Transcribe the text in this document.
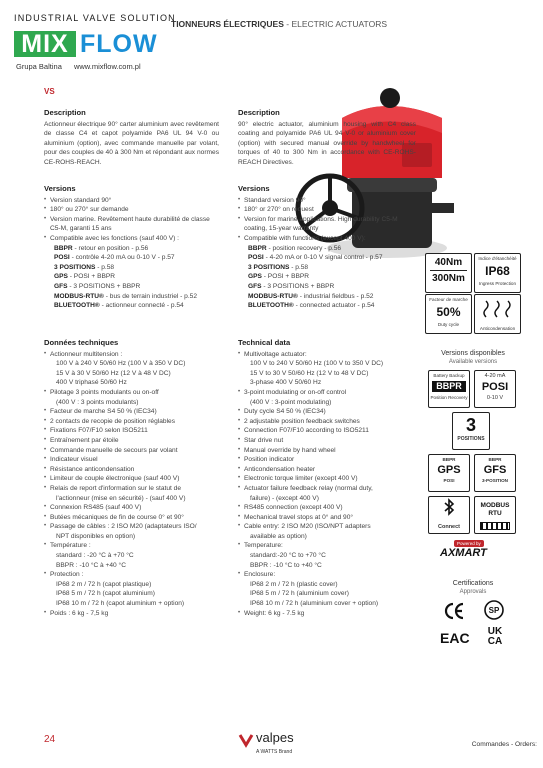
INDUSTRIAL VALVE SOLUTION
TIONNEURS ÉLECTRIQUES - ELECTRIC ACTUATORS
MIX FLOW
Grupa Baltina www.mixflow.com.pl
VS
Description

Actionneur électrique 90° carter aluminium avec revêtement de classe C4 et capot polyamide PA6 UL 94 V-0 ou aluminium (option), avec commande manuelle par volant, pour des couples de 40 à 300 Nm et répondant aux normes CE-ROHS-REACH.

Versions
• Version standard 90°
• 180° ou 270° sur demande
• Version marine. Revêtement haute durabilité de classe C5-M, garanti 15 ans
• Compatible avec les fonctions (sauf 400 V) :
BBPR - retour en position - p.56
POSI - contrôle 4-20 mA ou 0-10 V - p.57
3 POSITIONS - p.58
GPS - POSI + BBPR
GFS - 3 POSITIONS + BBPR
MODBUS-RTU® - bus de terrain industriel - p.52
BLUETOOTH® - actionneur connecté - p.54
Données techniques
• Actionneur multitension :
100 V à 240 V 50/60 Hz (100 V à 350 V DC)
15 V à 30 V 50/60 Hz (12 V à 48 V DC)
400 V triphasé 50/60 Hz
• Pilotage 3 points modulants ou on-off
(400 V : 3 points modulants)
• Facteur de marche S4 50 % (IEC34)
• 2 contacts de recopie de position réglables
• Fixations F07/F10 selon ISO5211
• Entraînement par étoile
• Commande manuelle de secours par volant
• Indicateur visuel
• Résistance anticondensation
• Limiteur de couple électronique (sauf 400 V)
• Relais de report d'information sur le statut de
l'actionneur (mise en sécurité) - (sauf 400 V)
• Connexion RS485 (sauf 400 V)
• Butées mécaniques de fin de course 0° et 90°
• Passage de câbles : 2 ISO M20 (adaptateurs ISO/
NPT disponibles en option)
• Température :
standard : -20 °C à +70 °C
BBPR : -10 °C à +40 °C
• Protection :
IP68 2 m / 72 h (capot plastique)
IP68 5 m / 72 h (capot aluminium)
IP68 10 m / 72 h (capot aluminium + option)
• Poids : 6 kg - 7,5 kg
Description

90° electric actuator, aluminium housing with C4 class coating and polyamide PA6 UL 94 V-0 or aluminium cover (option) with secured manual override by handwheel for torques of 40 to 300 Nm in accordance with CE-ROHS-REACH Directives.

Versions
• Standard version 90°
• 180° or 270° on request
• Version for marine applications. High durability C5-M coating, 15-year warranty
• Compatible with functions (except 400 V):
BBPR - position recovery - p.56
POSI - 4-20 mA or 0-10 V signal control - p.57
3 POSITIONS - p.58
GPS - POSI + BBPR
GFS - 3 POSITIONS + BBPR
MODBUS-RTU® - industrial fieldbus - p.52
BLUETOOTH® - connected actuator - p.54
Technical data
• Multivoltage actuator:
100 V to 240 V 50/60 Hz (100 V to 350 V DC)
15 V to 30 V 50/60 Hz (12 V to 48 V DC)
3-phase 400 V 50/60 Hz
• 3-point modulating or on-off control
(400 V : 3-point modulating)
• Duty cycle S4 50 % (IEC34)
• 2 adjustable position feedback switches
• Connection F07/F10 according to ISO5211
• Star drive nut
• Manual override by hand wheel
• Position indicator
• Anticondensation heater
• Electronic torque limiter (except 400 V)
• Actuator failure feedback relay (normal duty,
failure) - (except 400 V)
• RS485 connection (except 400 V)
• Mechanical travel stops at 0° and 90°
• Cable entry: 2 ISO M20 (ISO/NPT adapters
available as option)
• Temperature:
standard:-20 °C to +70 °C
BBPR : -10 °C to +40 °C
• Enclosure:
IP68 2 m / 72 h (plastic cover)
IP68 5 m / 72 h (aluminium cover)
IP68 10 m / 72 h (aluminium cover + option)
• Weight: 6 kg - 7.5 kg
40Nm
300Nm
Indice d'étanchéité
IP68
Ingress Protection
Facteur de marche
50%
Duty cycle
Anticondensation
Versions disponibles
Available versions
Battery Backup
BBPR
Position Recovery
4-20 mA
POSI
0-10 V
3
POSITIONS
BBPR
GPS
POSI
BBPR
GFS
3-POSITION
Connect
MODBUS RTU
Powered by
AXMART
Certifications
Approvals
SP
EAC	UK
CA
24	valpes
A WATTS Brand
Commandes - Orders:
